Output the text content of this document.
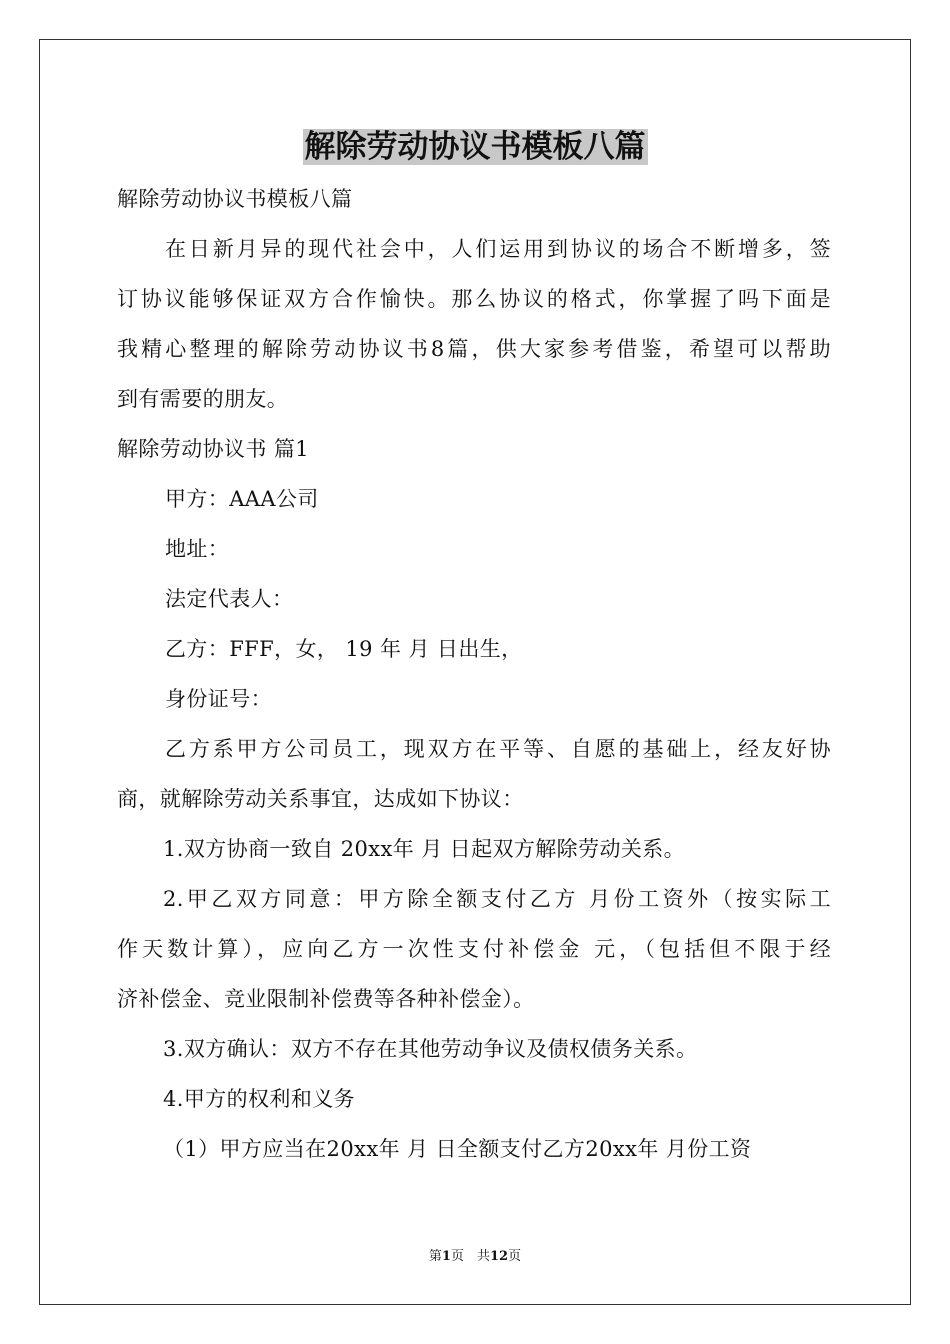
解除劳动协议书模板八篇
解除劳动协议书模板八篇
在日新月异的现代社会中，人们运用到协议的场合不断增多，签
订协议能够保证双方合作愉快。那么协议的格式，你掌握了吗下面是
我精心整理的解除劳动协议书8篇，供大家参考借鉴，希望可以帮助
到有需要的朋友。
解除劳动协议书 篇1
甲方：AAA公司
地址：
法定代表人：
乙方：FFF，女， 19 年 月 日出生，
身份证号：
乙方系甲方公司员工，现双方在平等、自愿的基础上，经友好协
商，就解除劳动关系事宜，达成如下协议：
1.双方协商一致自 20xx年 月 日起双方解除劳动关系。
2.甲乙双方同意：甲方除全额支付乙方 月份工资外（按实际工
作天数计算），应向乙方一次性支付补偿金 元，（包括但不限于经
济补偿金、竞业限制补偿费等各种补偿金）。
3.双方确认：双方不存在其他劳动争议及债权债务关系。
4.甲方的权利和义务
（1）甲方应当在20xx年 月 日全额支付乙方20xx年 月份工资
第1页　共12页
